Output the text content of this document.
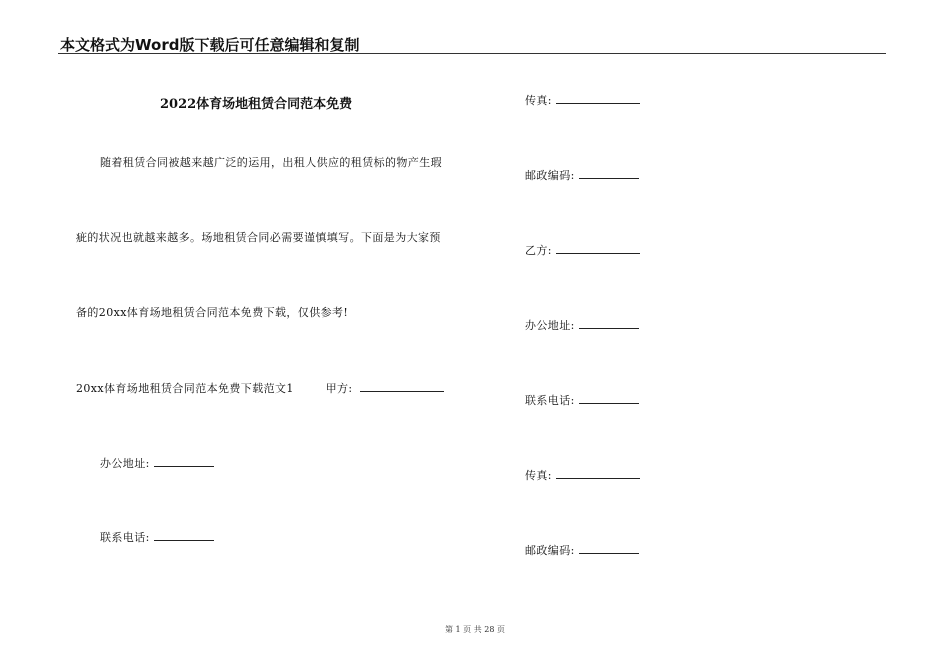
本文格式为Word版下载后可任意编辑和复制
2022体育场地租赁合同范本免费
随着租赁合同被越来越广泛的运用，出租人供应的租赁标的物产生瑕
疵的状况也就越来越多。场地租赁合同必需要谨慎填写。下面是为大家预
备的20xx体育场地租赁合同范本免费下载，仅供参考!
20xx体育场地租赁合同范本免费下载范文1	甲方:
办公地址:
联系电话:
传真:
邮政编码:
乙方:
办公地址:
联系电话:
传真:
邮政编码:
第 1 页 共 28 页
